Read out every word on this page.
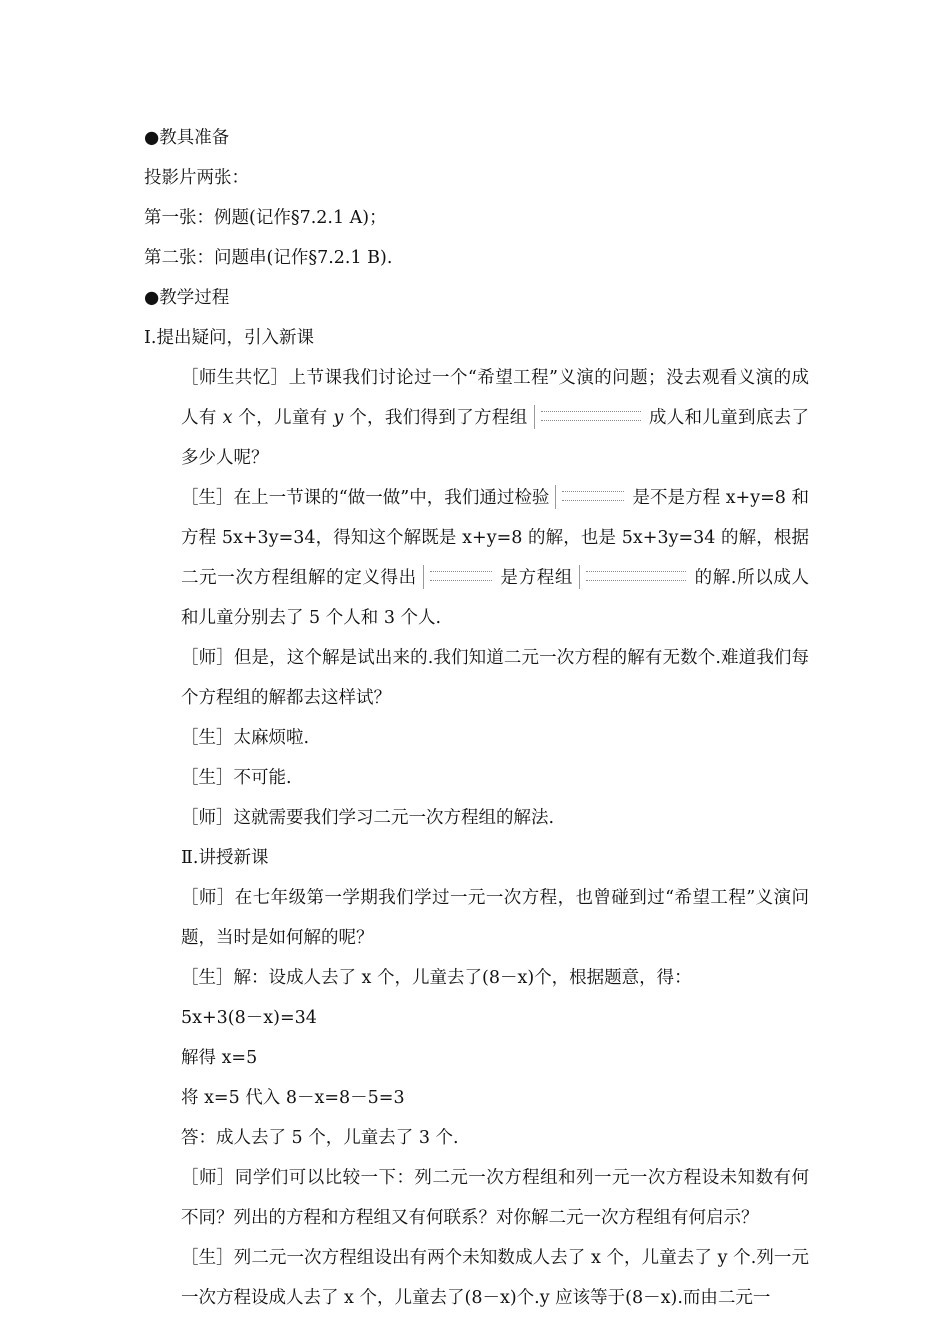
●教具准备

投影片两张：

第一张：例题(记作§7.2.1 A)；

第二张：问题串(记作§7.2.1 B).

●教学过程

Ⅰ.提出疑问，引入新课

［师生共忆］上节课我们讨论过一个“希望工程”义演的问题；没去观看义演的成人有 x 个，儿童有 y 个，我们得到了方程组	成人和儿童到底去了多少人呢？

［生］在上一节课的“做一做”中，我们通过检验	是不是方程 x+y=8 和方程 5x+3y=34，得知这个解既是 x+y=8 的解，也是 5x+3y=34 的解，根据二元一次方程组解的定义得出	是方程组	的解.所以成人和儿童分别去了 5 个人和 3 个人.

［师］但是，这个解是试出来的.我们知道二元一次方程的解有无数个.难道我们每个方程组的解都去这样试？

［生］太麻烦啦.

［生］不可能.

［师］这就需要我们学习二元一次方程组的解法.

Ⅱ.讲授新课

［师］在七年级第一学期我们学过一元一次方程，也曾碰到过“希望工程”义演问题，当时是如何解的呢？

［生］解：设成人去了 x 个，儿童去了(8－x)个，根据题意，得：

5x+3(8－x)=34

解得 x=5

将 x=5 代入 8－x=8－5=3

答：成人去了 5 个，儿童去了 3 个.

［师］同学们可以比较一下：列二元一次方程组和列一元一次方程设未知数有何不同？列出的方程和方程组又有何联系？对你解二元一次方程组有何启示？

［生］列二元一次方程组设出有两个未知数成人去了 x 个，儿童去了 y 个.列一元一次方程设成人去了 x 个，儿童去了(8－x)个.y 应该等于(8－x).而由二元一
